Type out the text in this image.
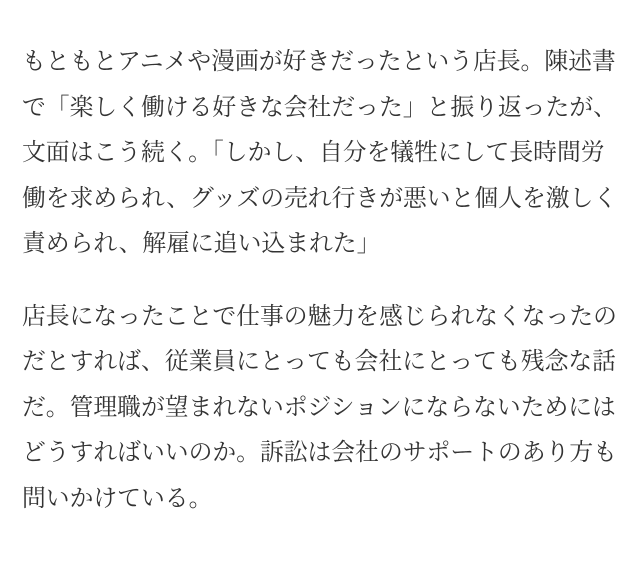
もともとアニメや漫画が好きだったという店長。陳述書
で「楽しく働ける好きな会社だった」と振り返ったが、
文面はこう続く。「しかし、自分を犠牲にして長時間労
働を求められ、グッズの売れ行きが悪いと個人を激しく
責められ、解雇に追い込まれた」

店長になったことで仕事の魅力を感じられなくなったの
だとすれば、従業員にとっても会社にとっても残念な話
だ。管理職が望まれないポジションにならないためには
どうすればいいのか。訴訟は会社のサポートのあり方も
問いかけている。
